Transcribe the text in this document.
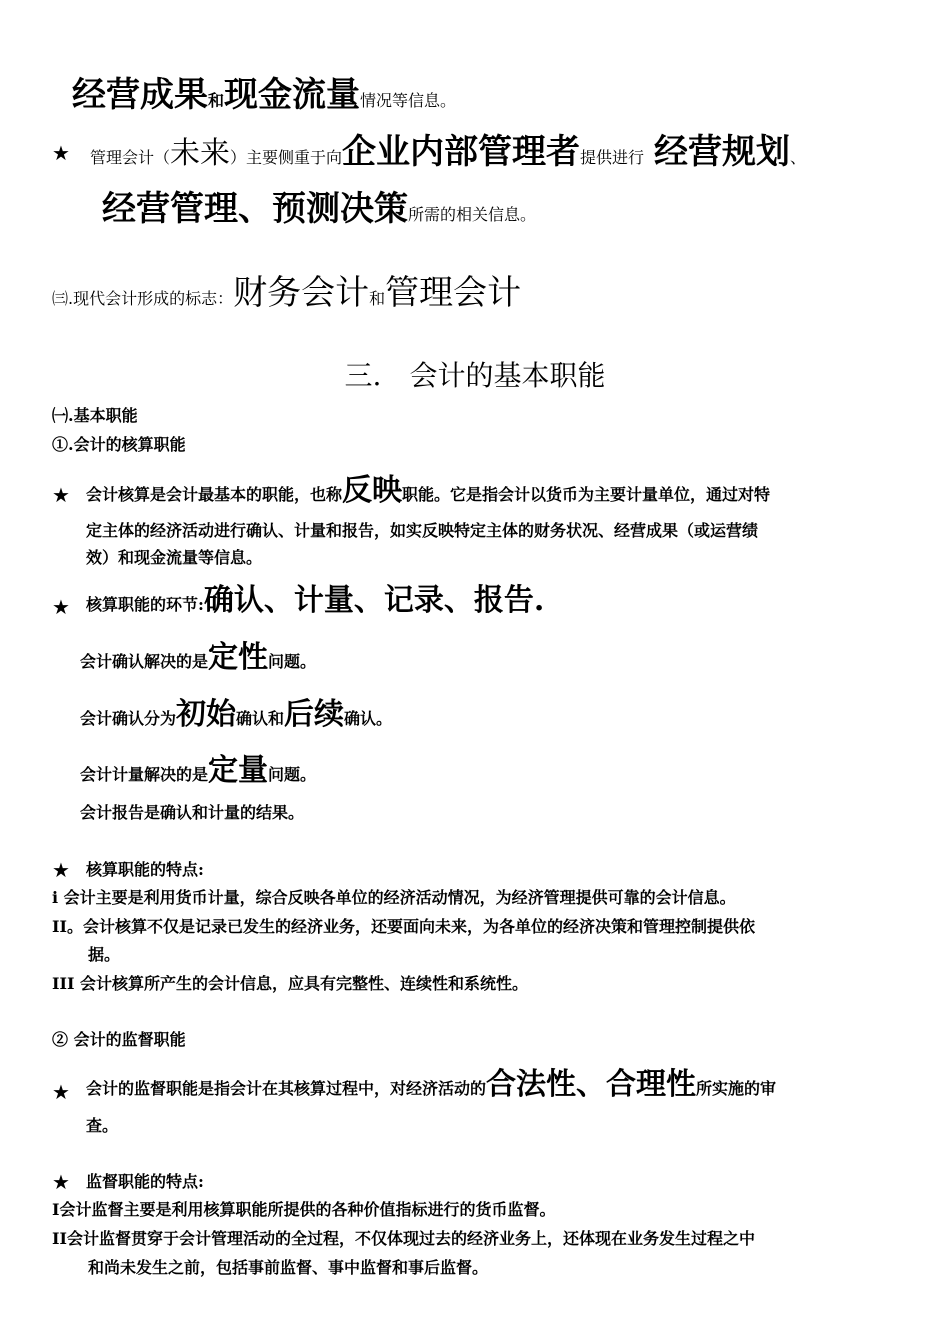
经营成果和现金流量情况等信息。
★ 管理会计（未来）主要侧重于向企业内部管理者提供进行 经营规划、
经营管理、预测决策所需的相关信息。
㈢.现代会计形成的标志：财务会计和管理会计
三.　会计的基本职能
㈠.基本职能
①.会计的核算职能
★ 会计核算是会计最基本的职能，也称反映职能。它是指会计以货币为主要计量单位，通过对特
定主体的经济活动进行确认、计量和报告，如实反映特定主体的财务状况、经营成果（或运营绩
效）和现金流量等信息。
★ 核算职能的环节:确认、计量、记录、报告.
会计确认解决的是定性问题。
会计确认分为初始确认和后续确认。
会计计量解决的是定量问题。
会计报告是确认和计量的结果。
★ 核算职能的特点:
i 会计主要是利用货币计量，综合反映各单位的经济活动情况，为经济管理提供可靠的会计信息。
II。会计核算不仅是记录已发生的经济业务，还要面向未来，为各单位的经济决策和管理控制提供依
据。
III 会计核算所产生的会计信息，应具有完整性、连续性和系统性。
② 会计的监督职能
★ 会计的监督职能是指会计在其核算过程中，对经济活动的合法性、合理性所实施的审
查。
★ 监督职能的特点:
I会计监督主要是利用核算职能所提供的各种价值指标进行的货币监督。
II会计监督贯穿于会计管理活动的全过程，不仅体现过去的经济业务上，还体现在业务发生过程之中
和尚未发生之前，包括事前监督、事中监督和事后监督。
